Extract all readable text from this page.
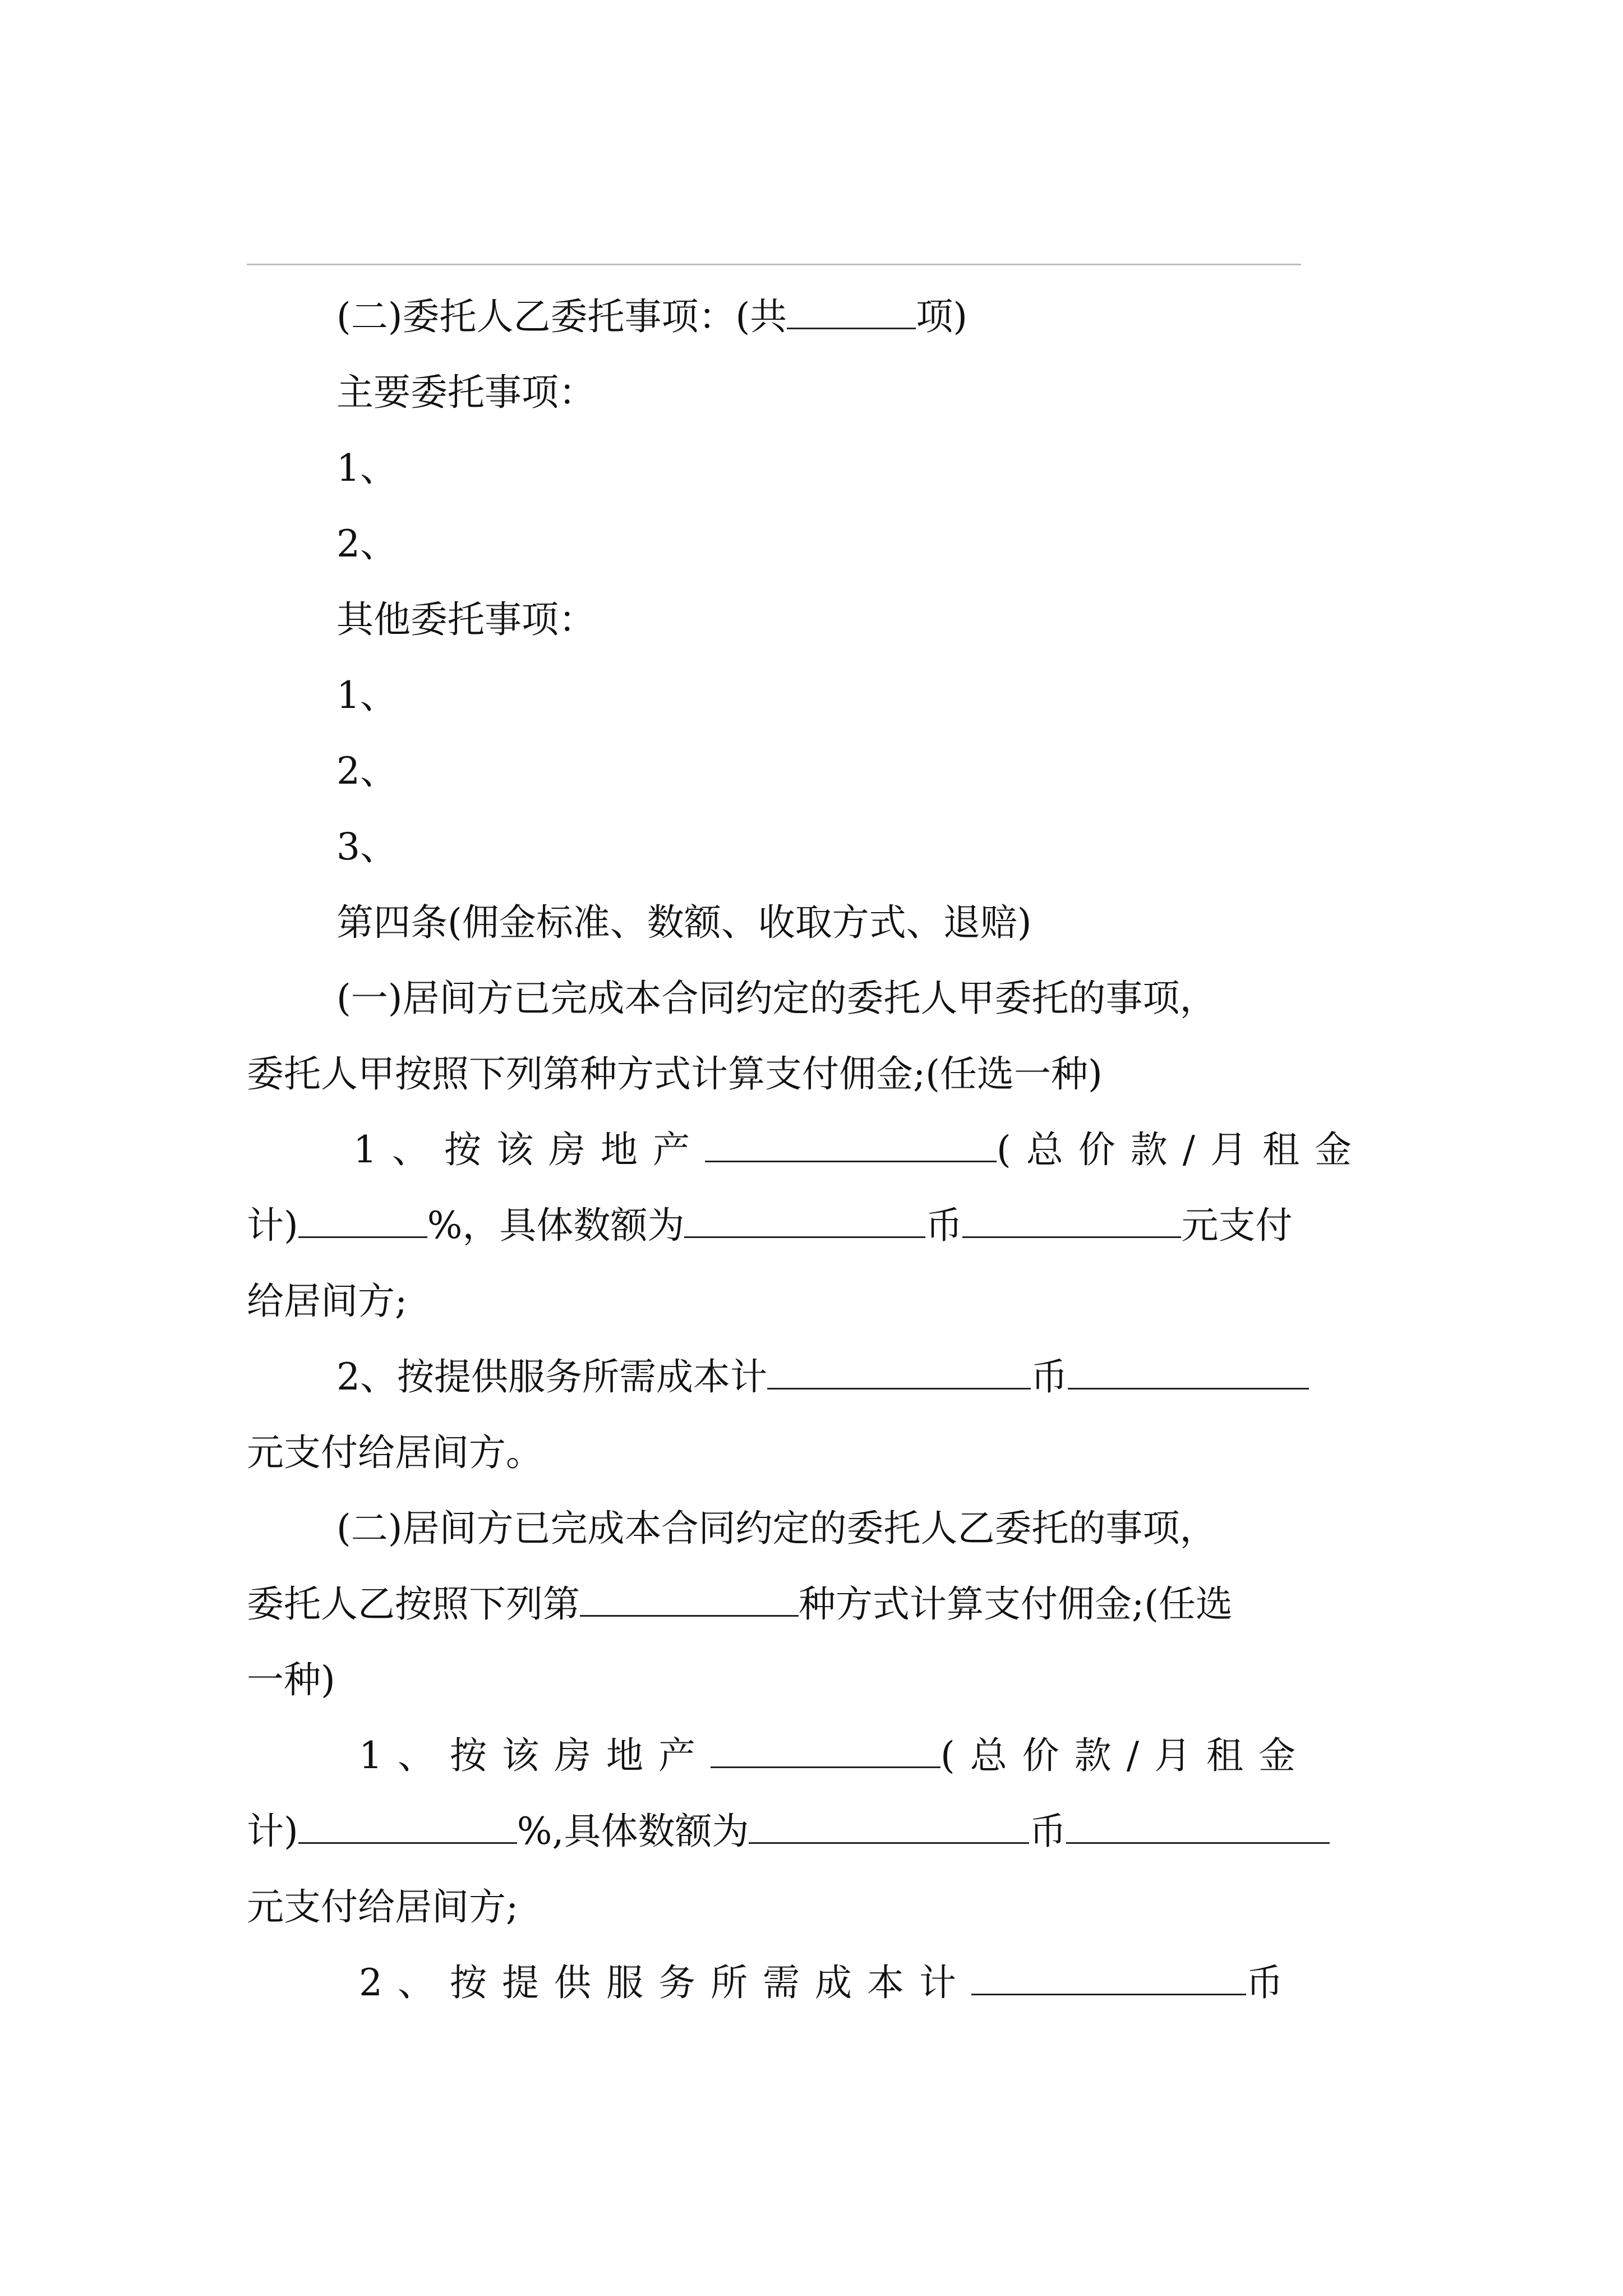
(二)委托人乙委托事项：(共	项)
主要委托事项：
1、
2、
其他委托事项：
1、
2、
3、
第四条(佣金标准、数额、收取方式、退赔)
(一)居间方已完成本合同约定的委托人甲委托的事项，
委托人甲按照下列第种方式计算支付佣金;(任选一种)
1、按该房地产	(总价款/月租金
计)	%，具体数额为	币	元支付
给居间方;
2、按提供服务所需成本计	币
元支付给居间方。
(二)居间方已完成本合同约定的委托人乙委托的事项，
委托人乙按照下列第	种方式计算支付佣金;(任选
一种)
1、按该房地产	(总价款/月租金
计)	%,具体数额为	币
元支付给居间方;
2、按提供服务所需成本计	币
